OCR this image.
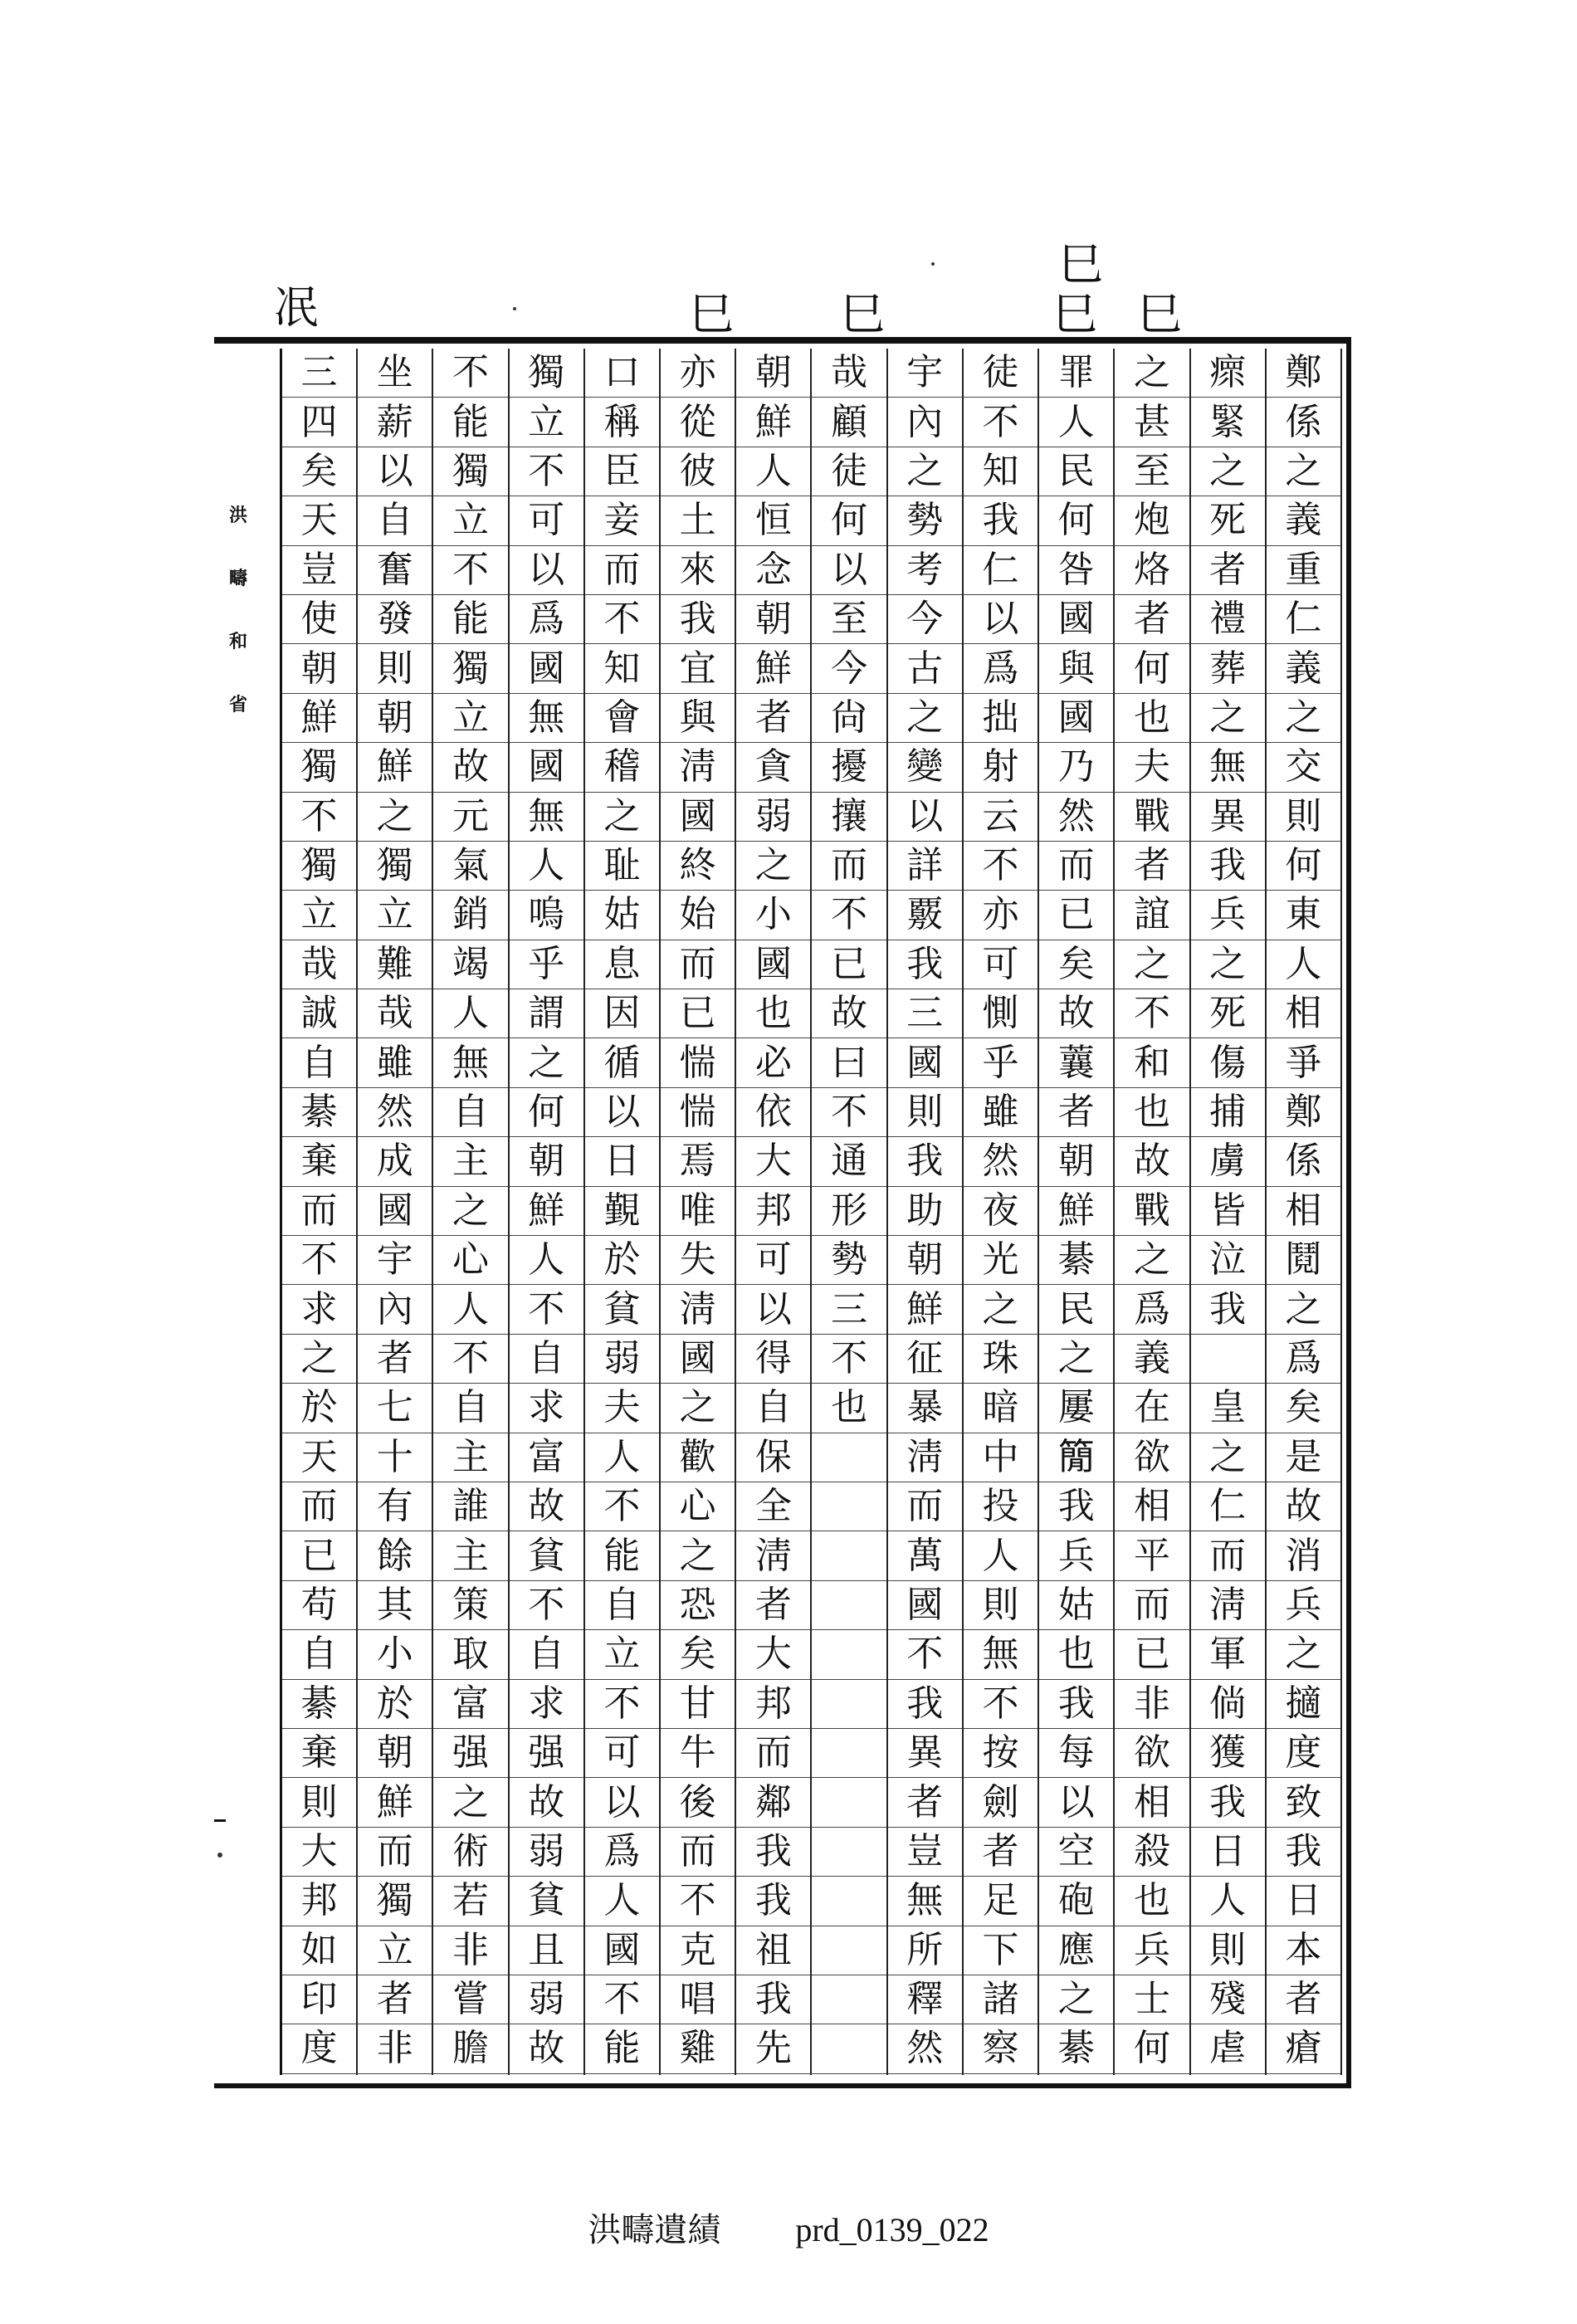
巳
巳
巳
巳	巳
冺
洪
疇
和
省
鄭
係
之
義
重
仁
義
之
交
則
何
東
人
相
爭
鄭
係
相
鬩
之
爲
矣
是
故
消
兵
之
擿
度
致
我
日
本
者
瘡
瘝
緊
之
死
者
禮
葬
之
無
異
我
兵
之
死
傷
捕
虜
皆
泣
我

皇
之
仁
而
淸
軍
倘
獲
我
日
人
則
殘
虐
之
甚
至
炮
烙
者
何
也
夫
戰
者
誼
之
不
和
也
故
戰
之
爲
義
在
欲
相
平
而
已
非
欲
相
殺
也
兵
士
何
罪
人
民
何
咎
國
與
國
乃
然
而
已
矣
故
蘘
者
朝
鮮
綦
民
之
屢
𥳑
我
兵
姑
也
我
每
以
空
砲
應
之
綦
徒
不
知
我
仁
以
爲
拙
射
云
不
亦
可
惻
乎
雖
然
夜
光
之
珠
暗
中
投
人
則
無
不
按
劍
者
足
下
諸
察
宇
內
之
勢
考
今
古
之
變
以
詳
覈
我
三
國
則
我
助
朝
鮮
征
暴
淸
而
萬
國
不
我
異
者
豈
無
所
釋
然
哉
顧
徒
何
以
至
今
尙
擾
攘
而
不
已
故
曰
不
通
形
勢
三
不
也
朝
鮮
人
恒
念
朝
鮮
者
貪
弱
之
小
國
也
必
依
大
邦
可
以
得
自
保
全
淸
者
大
邦
而
鄰
我
我
祖
我
先
亦
從
彼
土
來
我
宜
與
淸
國
終
始
而
已
惴
惴
焉
唯
失
淸
國
之
歡
心
之
恐
矣
甘
牛
後
而
不
克
唱
雞
口
稱
臣
妾
而
不
知
會
稽
之
耻
姑
息
因
循
以
日
覲
於
貧
弱
夫
人
不
能
自
立
不
可
以
爲
人
國
不
能
獨
立
不
可
以
爲
國
無
國
無
人
嗚
乎
謂
之
何
朝
鮮
人
不
自
求
富
故
貧
不
自
求
强
故
弱
貧
且
弱
故
不
能
獨
立
不
能
獨
立
故
元
氣
銷
竭
人
無
自
主
之
心
人
不
自
主
誰
主
策
取
富
强
之
術
若
非
嘗
膽
坐
薪
以
自
奮
發
則
朝
鮮
之
獨
立
難
哉
雖
然
成
國
宇
內
者
七
十
有
餘
其
小
於
朝
鮮
而
獨
立
者
非
三
四
矣
天
豈
使
朝
鮮
獨
不
獨
立
哉
誠
自
綦
棄
而
不
求
之
於
天
而
已
苟
自
綦
棄
則
大
邦
如
印
度
洪疇遺績 prd_0139_022
